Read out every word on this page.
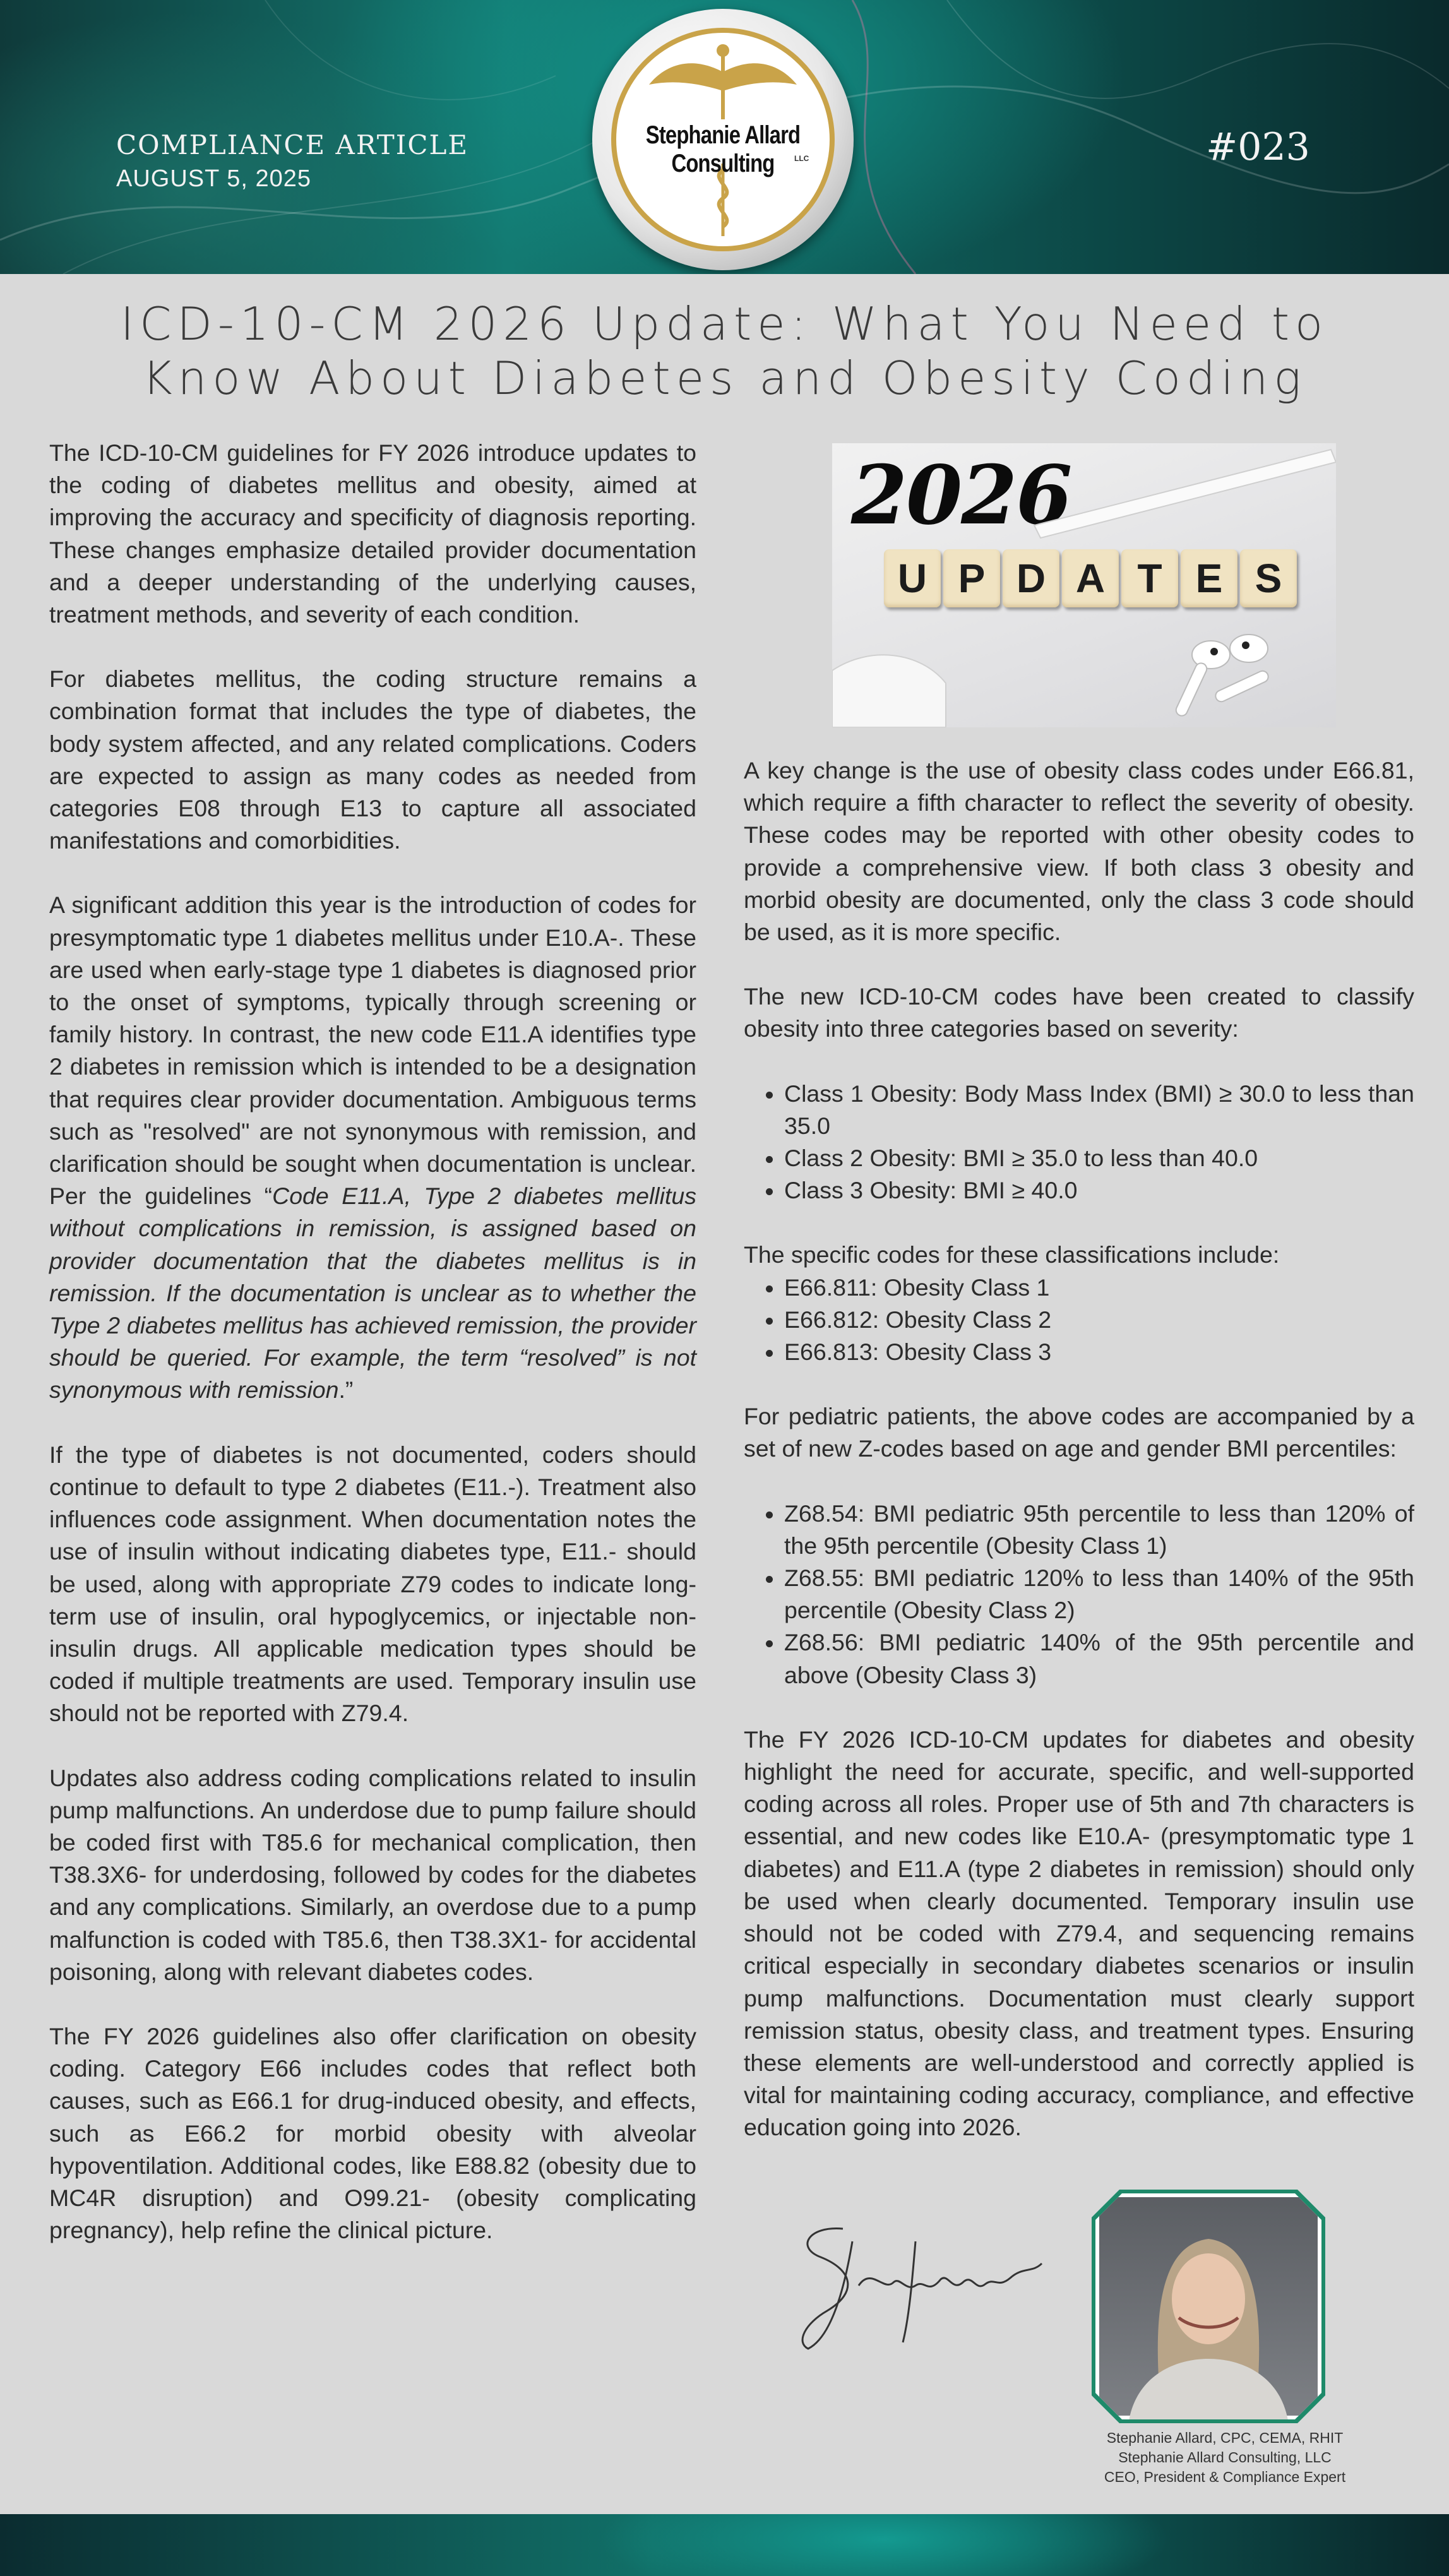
COMPLIANCE ARTICLE
AUGUST 5, 2025
#023
Stephanie Allard Consulting	LLC
ICD-10-CM 2026 Update: What You Need to Know About Diabetes and Obesity Coding

The ICD-10-CM guidelines for FY 2026 introduce updates to the coding of diabetes mellitus and obesity, aimed at improving the accuracy and specificity of diagnosis reporting. These changes emphasize detailed provider documentation and a deeper understanding of the underlying causes, treatment methods, and severity of each condition.

For diabetes mellitus, the coding structure remains a combination format that includes the type of diabetes, the body system affected, and any related complications. Coders are expected to assign as many codes as needed from categories E08 through E13 to capture all associated manifestations and comorbidities.

A significant addition this year is the introduction of codes for presymptomatic type 1 diabetes mellitus under E10.A-. These are used when early-stage type 1 diabetes is diagnosed prior to the onset of symptoms, typically through screening or family history. In contrast, the new code E11.A identifies type 2 diabetes in remission which is intended to be a designation that requires clear provider documentation. Ambiguous terms such as "resolved" are not synonymous with remission, and clarification should be sought when documentation is unclear. Per the guidelines “Code E11.A, Type 2 diabetes mellitus without complications in remission, is assigned based on provider documentation that the diabetes mellitus is in remission. If the documentation is unclear as to whether the Type 2 diabetes mellitus has achieved remission, the provider should be queried. For example, the term “resolved” is not synonymous with remission.”

If the type of diabetes is not documented, coders should continue to default to type 2 diabetes (E11.-). Treatment also influences code assignment. When documentation notes the use of insulin without indicating diabetes type, E11.- should be used, along with appropriate Z79 codes to indicate long-term use of insulin, oral hypoglycemics, or injectable non-insulin drugs. All applicable medication types should be coded if multiple treatments are used. Temporary insulin use should not be reported with Z79.4.

Updates also address coding complications related to insulin pump malfunctions. An underdose due to pump failure should be coded first with T85.6 for mechanical complication, then T38.3X6- for underdosing, followed by codes for the diabetes and any complications. Similarly, an overdose due to a pump malfunction is coded with T85.6, then T38.3X1- for accidental poisoning, along with relevant diabetes codes.

The FY 2026 guidelines also offer clarification on obesity coding. Category E66 includes codes that reflect both causes, such as E66.1 for drug-induced obesity, and effects, such as E66.2 for morbid obesity with alveolar hypoventilation. Additional codes, like E88.82 (obesity due to MC4R disruption) and O99.21- (obesity complicating pregnancy), help refine the clinical picture.

2026
U P D A T E S

A key change is the use of obesity class codes under E66.81, which require a fifth character to reflect the severity of obesity. These codes may be reported with other obesity codes to provide a comprehensive view. If both class 3 obesity and morbid obesity are documented, only the class 3 code should be used, as it is more specific.

The new ICD-10-CM codes have been created to classify obesity into three categories based on severity:

• Class 1 Obesity: Body Mass Index (BMI) ≥ 30.0 to less than 35.0
• Class 2 Obesity: BMI ≥ 35.0 to less than 40.0
• Class 3 Obesity: BMI ≥ 40.0
The specific codes for these classifications include:
• E66.811: Obesity Class 1
• E66.812: Obesity Class 2
• E66.813: Obesity Class 3

For pediatric patients, the above codes are accompanied by a set of new Z-codes based on age and gender BMI percentiles:

• Z68.54: BMI pediatric 95th percentile to less than 120% of the 95th percentile (Obesity Class 1)
• Z68.55: BMI pediatric 120% to less than 140% of the 95th percentile (Obesity Class 2)
• Z68.56: BMI pediatric 140% of the 95th percentile and above (Obesity Class 3)

The FY 2026 ICD-10-CM updates for diabetes and obesity highlight the need for accurate, specific, and well-supported coding across all roles. Proper use of 5th and 7th characters is essential, and new codes like E10.A- (presymptomatic type 1 diabetes) and E11.A (type 2 diabetes in remission) should only be used when clearly documented. Temporary insulin use should not be coded with Z79.4, and sequencing remains critical especially in secondary diabetes scenarios or insulin pump malfunctions. Documentation must clearly support remission status, obesity class, and treatment types. Ensuring these elements are well-understood and correctly applied is vital for maintaining coding accuracy, compliance, and effective education going into 2026.

Stephanie Allard, CPC, CEMA, RHIT
Stephanie Allard Consulting, LLC
CEO, President & Compliance Expert
